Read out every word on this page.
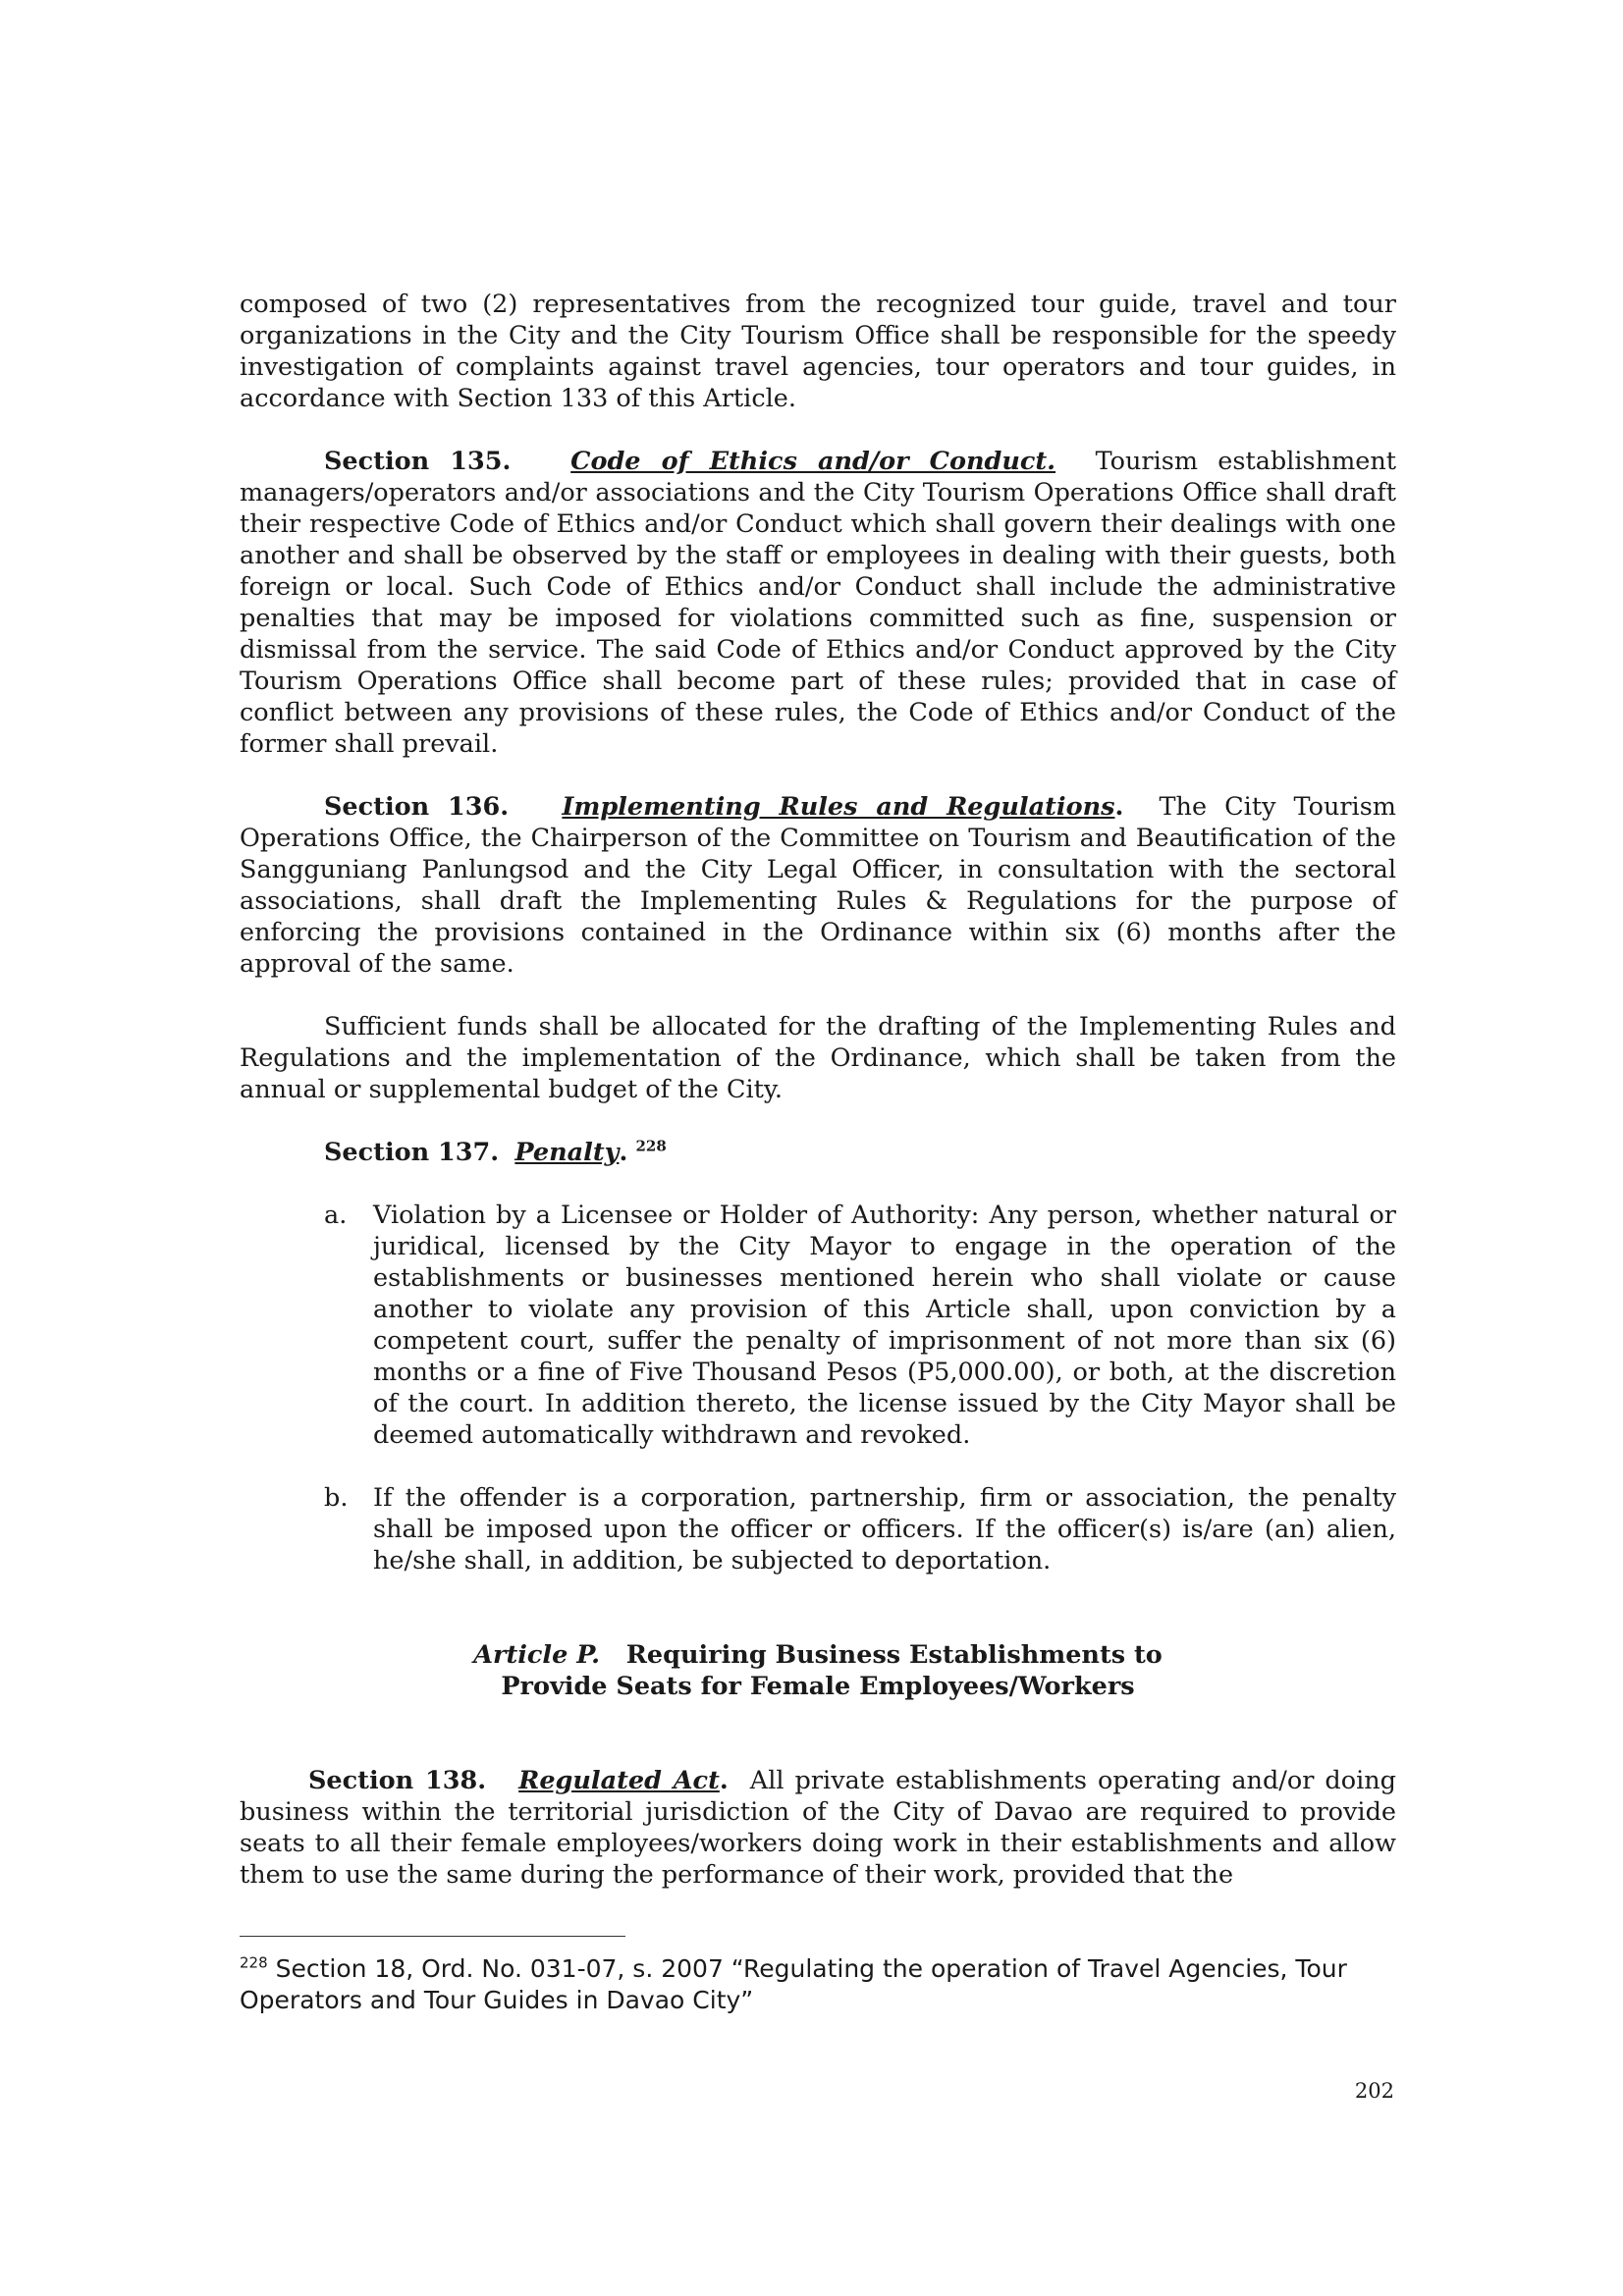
composed of two (2) representatives from the recognized tour guide, travel and tour organizations in the City and the City Tourism Office shall be responsible for the speedy investigation of complaints against travel agencies, tour operators and tour guides, in accordance with Section 133 of this Article.

Section 135. Code of Ethics and/or Conduct. Tourism establishment managers/operators and/or associations and the City Tourism Operations Office shall draft their respective Code of Ethics and/or Conduct which shall govern their dealings with one another and shall be observed by the staff or employees in dealing with their guests, both foreign or local. Such Code of Ethics and/or Conduct shall include the administrative penalties that may be imposed for violations committed such as fine, suspension or dismissal from the service. The said Code of Ethics and/or Conduct approved by the City Tourism Operations Office shall become part of these rules; provided that in case of conflict between any provisions of these rules, the Code of Ethics and/or Conduct of the former shall prevail.

Section 136. Implementing Rules and Regulations. The City Tourism Operations Office, the Chairperson of the Committee on Tourism and Beautification of the Sangguniang Panlungsod and the City Legal Officer, in consultation with the sectoral associations, shall draft the Implementing Rules & Regulations for the purpose of enforcing the provisions contained in the Ordinance within six (6) months after the approval of the same.

Sufficient funds shall be allocated for the drafting of the Implementing Rules and Regulations and the implementation of the Ordinance, which shall be taken from the annual or supplemental budget of the City.

Section 137. Penalty. $^{228}$

a.	Violation by a Licensee or Holder of Authority: Any person, whether natural or juridical, licensed by the City Mayor to engage in the operation of the establishments or businesses mentioned herein who shall violate or cause another to violate any provision of this Article shall, upon conviction by a competent court, suffer the penalty of imprisonment of not more than six (6) months or a fine of Five Thousand Pesos (P5,000.00), or both, at the discretion of the court. In addition thereto, the license issued by the City Mayor shall be deemed automatically withdrawn and revoked.
b.	If the offender is a corporation, partnership, firm or association, the penalty shall be imposed upon the officer or officers. If the officer(s) is/are (an) alien, he/she shall, in addition, be subjected to deportation.
Article P. Requiring Business Establishments to
Provide Seats for Female Employees/Workers

Section 138. Regulated Act. All private establishments operating and/or doing business within the territorial jurisdiction of the City of Davao are required to provide seats to all their female employees/workers doing work in their establishments and allow them to use the same during the performance of their work, provided that the

$^{228}$ Section 18, Ord. No. 031-07, s. 2007 “Regulating the operation of Travel Agencies, Tour Operators and Tour Guides in Davao City”
202
